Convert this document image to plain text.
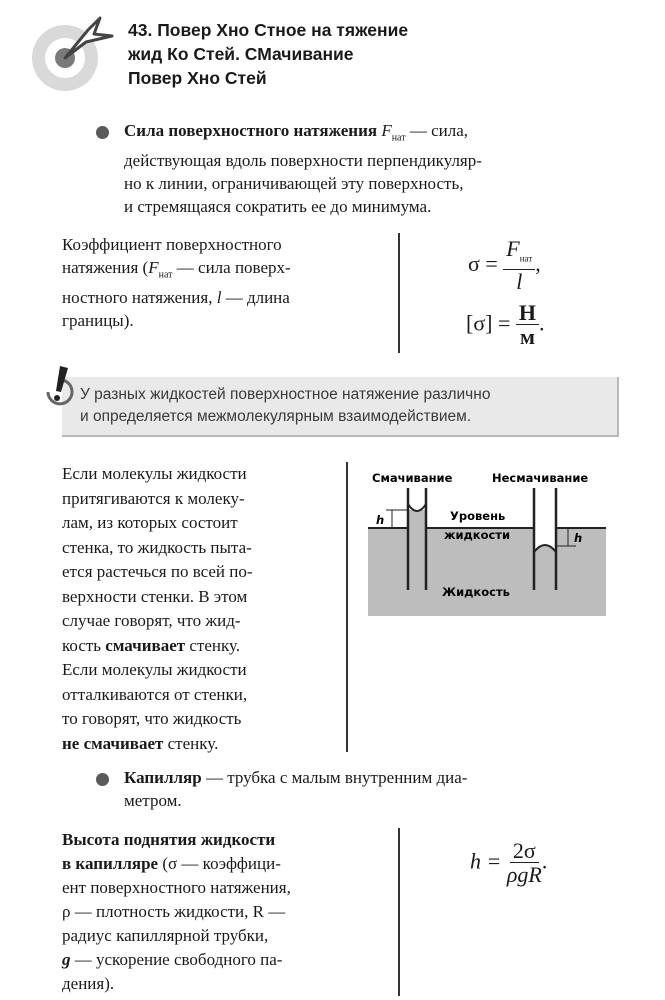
43. Повер Хно Стное на тяжение
жид Ко Стей. СМачивание
Повер Хно Стей
Сила поверхностного натяжения $F_{нат}$ — сила,
действующая вдоль поверхности перпендикуляр-
но к линии, ограничивающей эту поверхность,
и стремящаяся сократить ее до минимума.
Коэффициент поверхностного
натяжения ($F_{нат}$ — сила поверх-
ностного натяжения, l — длина
границы).
$\sigma = \frac{F_{нат}}{l}$ ,
$[\sigma] = \frac{Н}{м}$ .
У разных жидкостей поверхностное натяжение различно
и определяется межмолекулярным взаимодействием.
Если молекулы жидкости
притягиваются к молеку-
лам, из которых состоит
стенка, то жидкость пыта-
ется растечься по всей по-
верхности стенки. В этом
случае говорят, что жид-
кость смачивает стенку.
Если молекулы жидкости
отталкиваются от стенки,
то говорят, что жидкость
не смачивает стенку.
h
h
Смачивание	Несмачивание
Уровень
жидкости
Жидкость
Капилляр — трубка с малым внутренним диа-
метром.
Высота поднятия жидкости
в капилляре (σ — коэффици-
ент поверхностного натяжения,
ρ — плотность жидкости, R —
радиус капиллярной трубки,
g — ускорение свободного па-
дения).
$h = \frac{2\sigma}{\text{ρgR}}$ .
